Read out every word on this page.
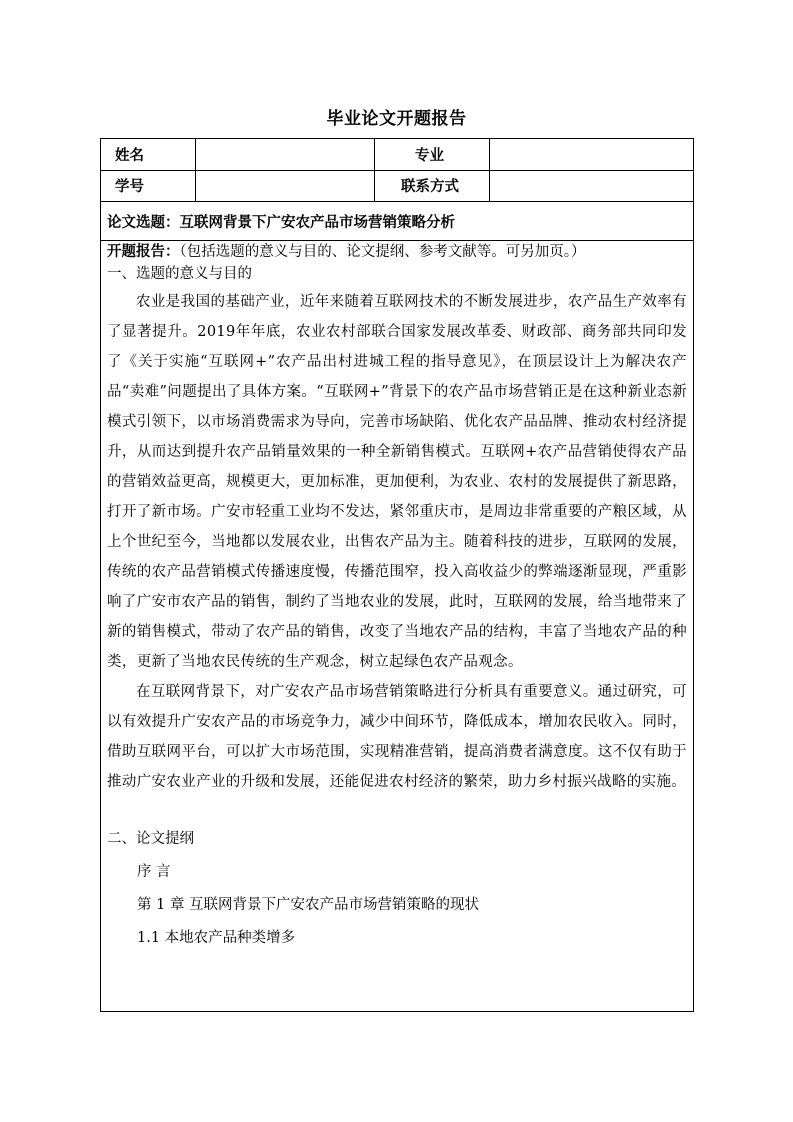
毕业论文开题报告
姓名	专业
学号	联系方式
论文选题：互联网背景下广安农产品市场营销策略分析
开题报告：（包括选题的意义与目的、论文提纲、参考文献等。可另加页。）
一、选题的意义与目的
农业是我国的基础产业，近年来随着互联网技术的不断发展进步，农产品生产效率有了显著提升。2019年年底，农业农村部联合国家发展改革委、财政部、商务部共同印发了《关于实施“互联网+”农产品出村进城工程的指导意见》，在顶层设计上为解决农产品“卖难”问题提出了具体方案。“互联网+”背景下的农产品市场营销正是在这种新业态新模式引领下，以市场消费需求为导向，完善市场缺陷、优化农产品品牌、推动农村经济提升，从而达到提升农产品销量效果的一种全新销售模式。互联网+农产品营销使得农产品的营销效益更高，规模更大，更加标准，更加便利，为农业、农村的发展提供了新思路，打开了新市场。广安市轻重工业均不发达，紧邻重庆市，是周边非常重要的产粮区域，从上个世纪至今，当地都以发展农业，出售农产品为主。随着科技的进步，互联网的发展，传统的农产品营销模式传播速度慢，传播范围窄，投入高收益少的弊端逐渐显现，严重影响了广安市农产品的销售，制约了当地农业的发展，此时，互联网的发展，给当地带来了新的销售模式，带动了农产品的销售，改变了当地农产品的结构，丰富了当地农产品的种类，更新了当地农民传统的生产观念，树立起绿色农产品观念。
在互联网背景下，对广安农产品市场营销策略进行分析具有重要意义。通过研究，可以有效提升广安农产品的市场竞争力，减少中间环节，降低成本，增加农民收入。同时，借助互联网平台，可以扩大市场范围，实现精准营销，提高消费者满意度。这不仅有助于推动广安农业产业的升级和发展，还能促进农村经济的繁荣，助力乡村振兴战略的实施。
二、论文提纲
序 言
第 1 章 互联网背景下广安农产品市场营销策略的现状
1.1 本地农产品种类增多
